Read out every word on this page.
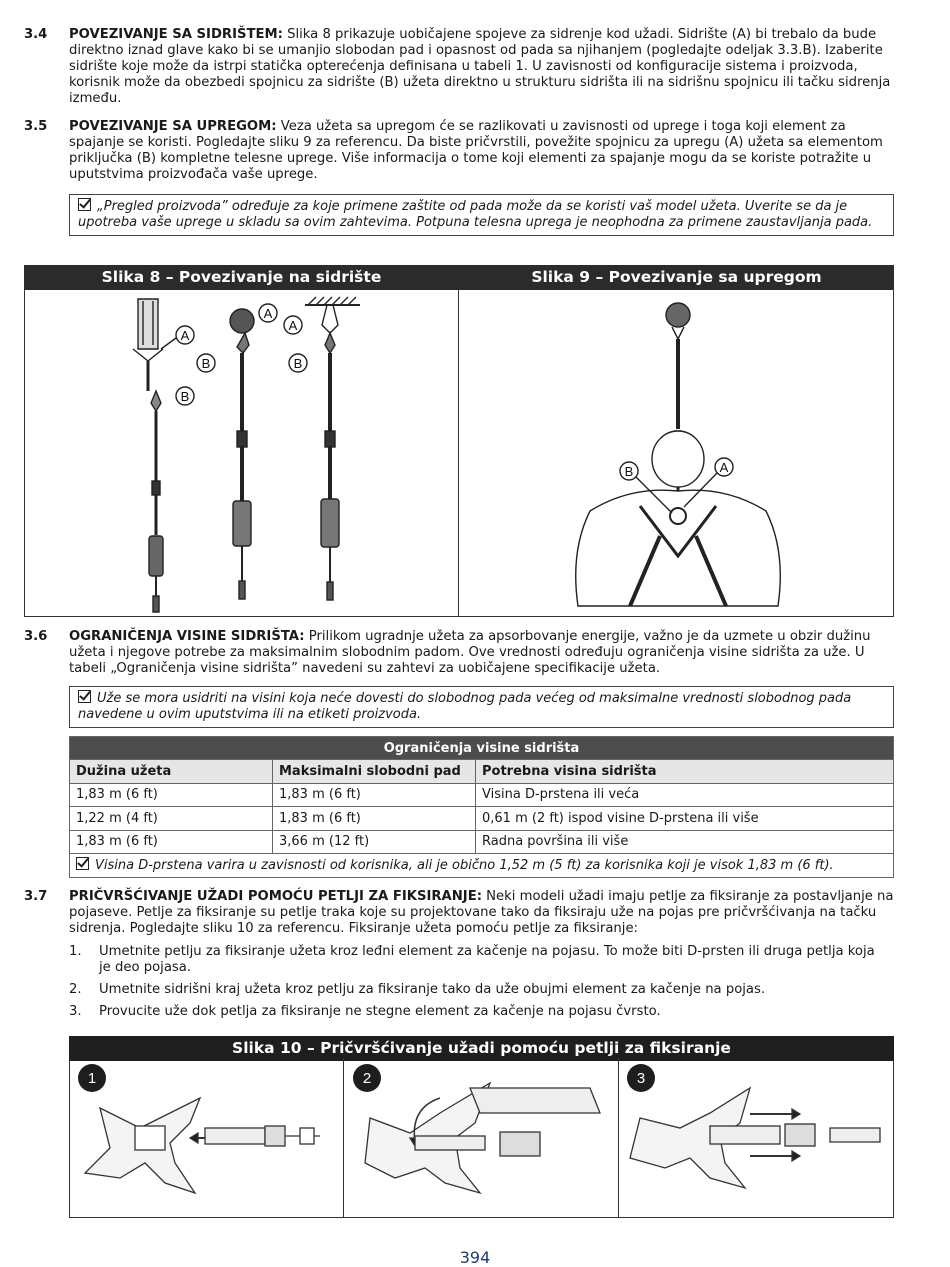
3.4 POVEZIVANJE SA SIDRIŠTEM: Slika 8 prikazuje uobičajene spojeve za sidrenje kod užadi. Sidrište (A) bi trebalo da bude direktno iznad glave kako bi se umanjio slobodan pad i opasnost od pada sa njihanjem (pogledajte odeljak 3.3.B). Izaberite sidrište koje može da istrpi statička opterećenja definisana u tabeli 1. U zavisnosti od konfiguracije sistema i proizvoda, korisnik može da obezbedi spojnicu za sidrište (B) užeta direktno u strukturu sidrišta ili na sidrišnu spojnicu ili tačku sidrenja između.
3.5 POVEZIVANJE SA UPREGOM: Veza užeta sa upregom će se razlikovati u zavisnosti od uprege i toga koji element za spajanje se koristi. Pogledajte sliku 9 za referencu. Da biste pričvrstili, povežite spojnicu za upregu (A) užeta sa elementom priključka (B) kompletne telesne uprege. Više informacija o tome koji elementi za spajanje mogu da se koriste potražite u uputstvima proizvođača vaše uprege.
„Pregled proizvoda” određuje za koje primene zaštite od pada može da se koristi vaš model užeta. Uverite se da je upotreba vaše uprege u skladu sa ovim zahtevima. Potpuna telesna uprega je neophodna za primene zaustavljanja pada.
Slika 8 – Povezivanje na sidrište	Slika 9 – Povezivanje sa upregom
A
B
A
B
A
B
B	A
3.6 OGRANIČENJA VISINE SIDRIŠTA: Prilikom ugradnje užeta za apsorbovanje energije, važno je da uzmete u obzir dužinu užeta i njegove potrebe za maksimalnim slobodnim padom. Ove vrednosti određuju ograničenja visine sidrišta za uže. U tabeli „Ograničenja visine sidrišta” navedeni su zahtevi za uobičajene specifikacije užeta.
Uže se mora usidriti na visini koja neće dovesti do slobodnog pada većeg od maksimalne vrednosti slobodnog pada navedene u ovim uputstvima ili na etiketi proizvoda.
Ograničenja visine sidrišta		
Dužina užeta	Maksimalni slobodni pad	Potrebna visina sidrišta
1,83 m (6 ft)	1,83 m (6 ft)	Visina D-prstena ili veća
1,22 m (4 ft)	1,83 m (6 ft)	0,61 m (2 ft) ispod visine D-prstena ili više
1,83 m (6 ft)	3,66 m (12 ft)	Radna površina ili više
Visina D-prstena varira u zavisnosti od korisnika, ali je obično 1,52 m (5 ft) za korisnika koji je visok 1,83 m (6 ft).		
3.7 PRIČVRŠĆIVANJE UŽADI POMOĆU PETLJI ZA FIKSIRANJE: Neki modeli užadi imaju petlje za fiksiranje za postavljanje na pojaseve. Petlje za fiksiranje su petlje traka koje su projektovane tako da fiksiraju uže na pojas pre pričvršćivanja na tačku sidrenja. Pogledajte sliku 10 za referencu. Fiksiranje užeta pomoću petlje za fiksiranje:
1. Umetnite petlju za fiksiranje užeta kroz leđni element za kačenje na pojasu. To može biti D-prsten ili druga petlja koja je deo pojasa.
2. Umetnite sidrišni kraj užeta kroz petlju za fiksiranje tako da uže obujmi element za kačenje na pojas.
3. Provucite uže dok petlja za fiksiranje ne stegne element za kačenje na pojasu čvrsto.
Slika 10 – Pričvršćivanje užadi pomoću petlji za fiksiranje
1	2	3
394
